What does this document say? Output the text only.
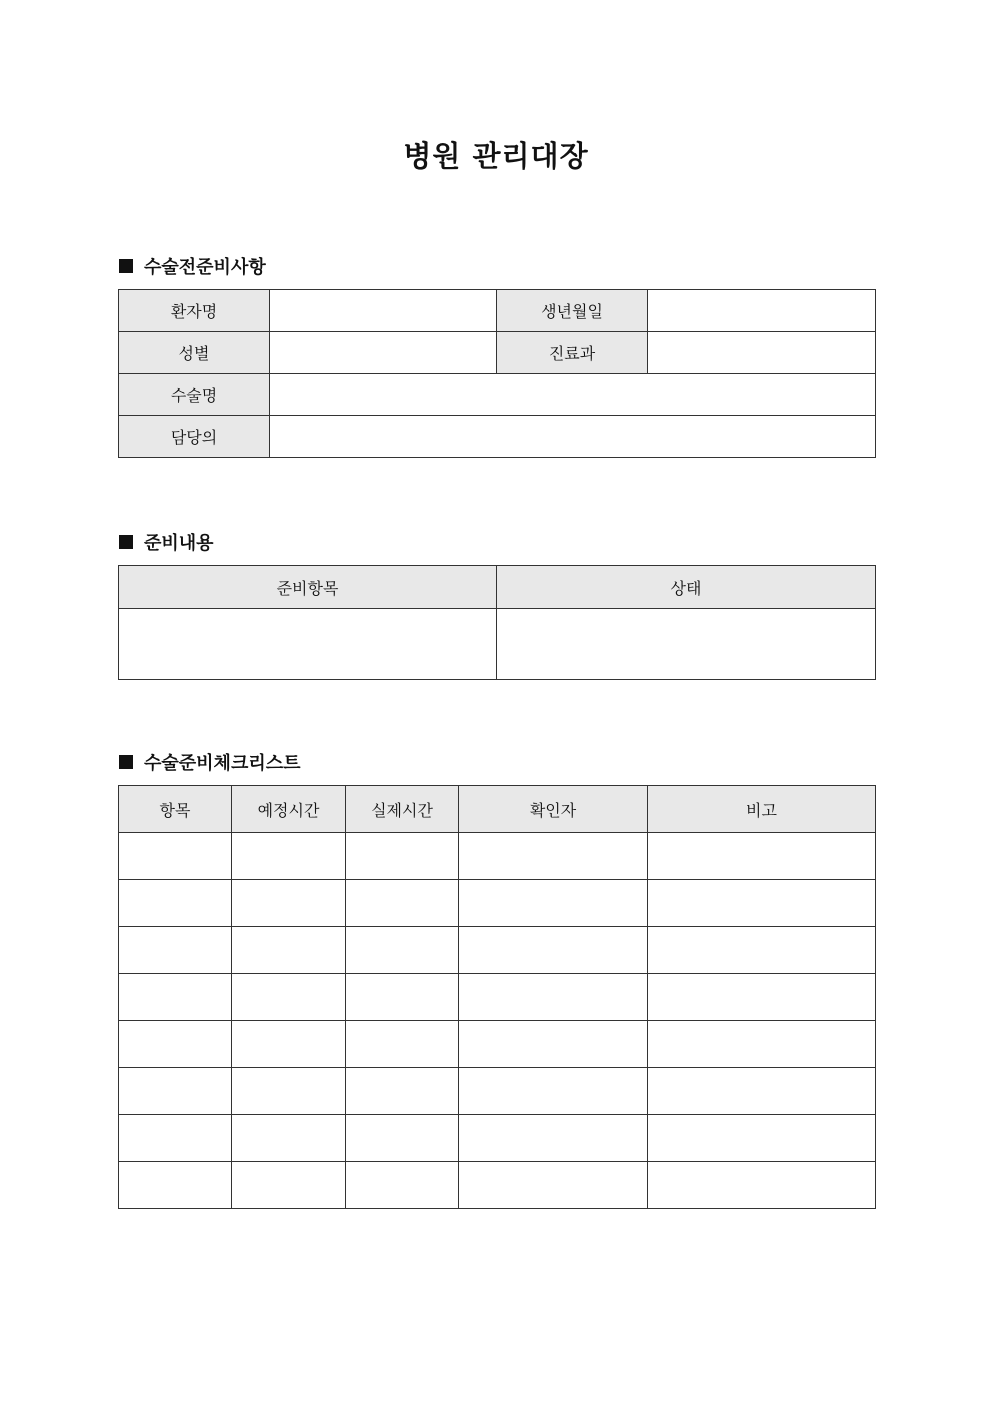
병원 관리대장
수술전준비사항
환자명		생년월일	
성별		진료과	
수술명			
담당의			
준비내용
준비항목	상태

수술준비체크리스트
항목	예정시간	실제시간	확인자	비고
